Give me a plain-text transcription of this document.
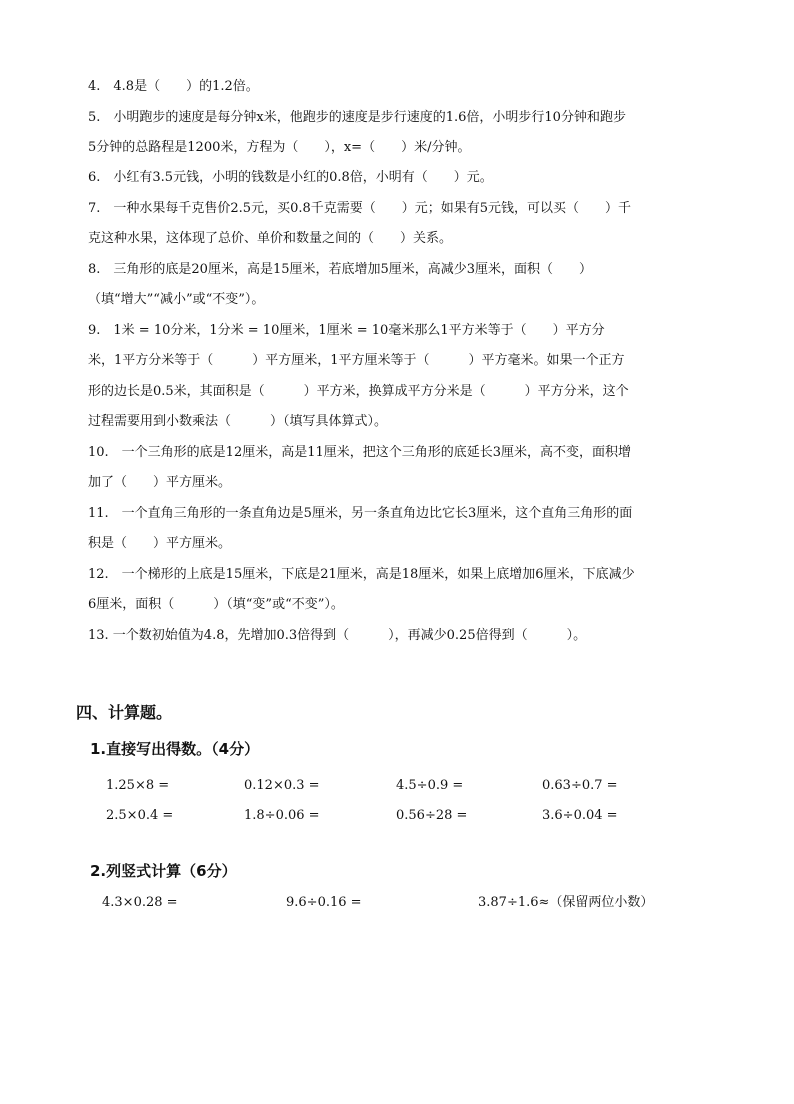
4.　4.8是（　　）的1.2倍。
5.　小明跑步的速度是每分钟x米，他跑步的速度是步行速度的1.6倍，小明步行10分钟和跑步
5分钟的总路程是1200米，方程为（　　），x=（　　）米/分钟。
6.　小红有3.5元钱，小明的钱数是小红的0.8倍，小明有（　　）元。
7.　一种水果每千克售价2.5元，买0.8千克需要（　　）元；如果有5元钱，可以买（　　）千
克这种水果，这体现了总价、单价和数量之间的（　　）关系。
8.　三角形的底是20厘米，高是15厘米，若底增加5厘米，高减少3厘米，面积（　　）
（填“增大”“减小”或“不变”）。
9.　1米 = 10分米，1分米 = 10厘米，1厘米 = 10毫米那么1平方米等于（　　）平方分
米，1平方分米等于（　　　）平方厘米，1平方厘米等于（　　　）平方毫米。如果一个正方
形的边长是0.5米，其面积是（　　　）平方米，换算成平方分米是（　　　）平方分米，这个
过程需要用到小数乘法（　　　）（填写具体算式）。
10.　一个三角形的底是12厘米，高是11厘米，把这个三角形的底延长3厘米，高不变，面积增
加了（　　）平方厘米。
11.　一个直角三角形的一条直角边是5厘米，另一条直角边比它长3厘米，这个直角三角形的面
积是（　　）平方厘米。
12.　一个梯形的上底是15厘米，下底是21厘米，高是18厘米，如果上底增加6厘米，下底减少
6厘米，面积（　　　）（填“变”或“不变”）。
13. 一个数初始值为4.8，先增加0.3倍得到（　　　），再减少0.25倍得到（　　　）。
四、计算题。
1.直接写出得数。（4分）
1.25×8 =	0.12×0.3 =	4.5÷0.9 =	0.63÷0.7 =
2.5×0.4 =	1.8÷0.06 =	0.56÷28 =	3.6÷0.04 =
2.列竖式计算（6分）
4.3×0.28 =	9.6÷0.16 =	3.87÷1.6≈（保留两位小数）
